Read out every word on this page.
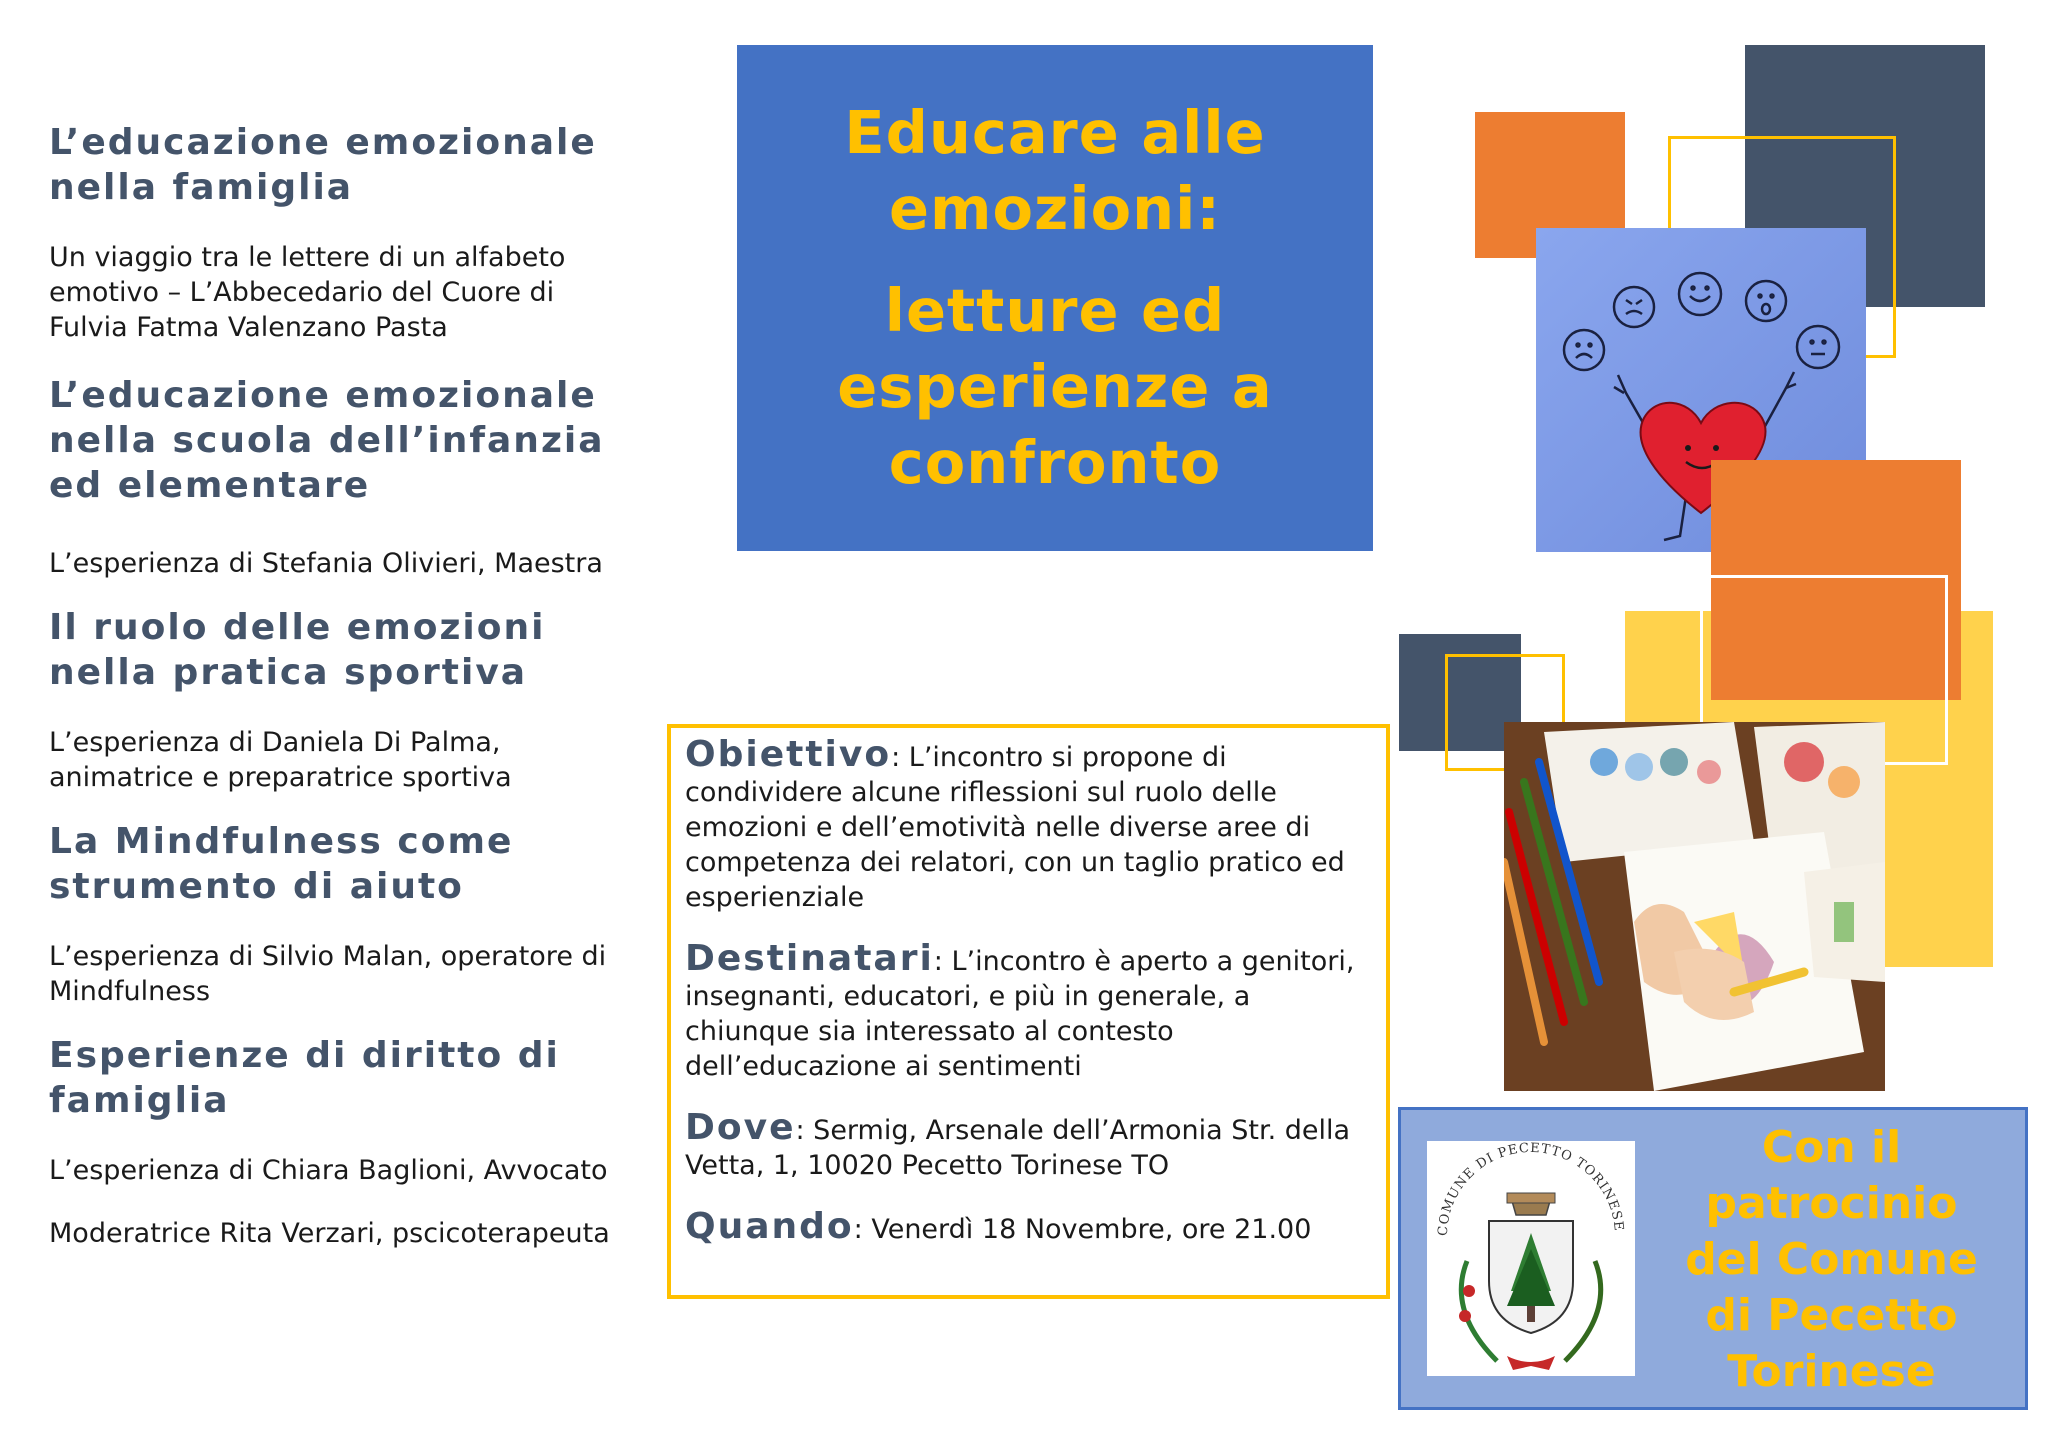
L’educazione emozionale nella famiglia

Un viaggio tra le lettere di un alfabeto emotivo – L’Abbecedario del Cuore di Fulvia Fatma Valenzano Pasta

L’educazione emozionale nella scuola dell’infanzia ed elementare

L’esperienza di Stefania Olivieri, Maestra

Il ruolo delle emozioni nella pratica sportiva

L’esperienza di Daniela Di Palma, animatrice e preparatrice sportiva

La Mindfulness come strumento di aiuto

L’esperienza di Silvio Malan, operatore di Mindfulness

Esperienze di diritto di famiglia

L’esperienza di Chiara Baglioni, Avvocato

Moderatrice Rita Verzari, pscicoterapeuta

Educare alle emozioni:
letture ed esperienze a confronto

Obiettivo: L’incontro si propone di condividere alcune riflessioni sul ruolo delle emozioni e dell’emotività nelle diverse aree di competenza dei relatori, con un taglio pratico ed esperienziale

Destinatari: L’incontro è aperto a genitori, insegnanti, educatori, e più in generale, a chiunque sia interessato al contesto dell’educazione ai sentimenti

Dove: Sermig, Arsenale dell’Armonia Str. della Vetta, 1, 10020 Pecetto Torinese TO

Quando: Venerdì 18 Novembre, ore 21.00	COMUNE DI PECETTO TORINESE
Con il patrocinio del Comune di Pecetto Torinese
